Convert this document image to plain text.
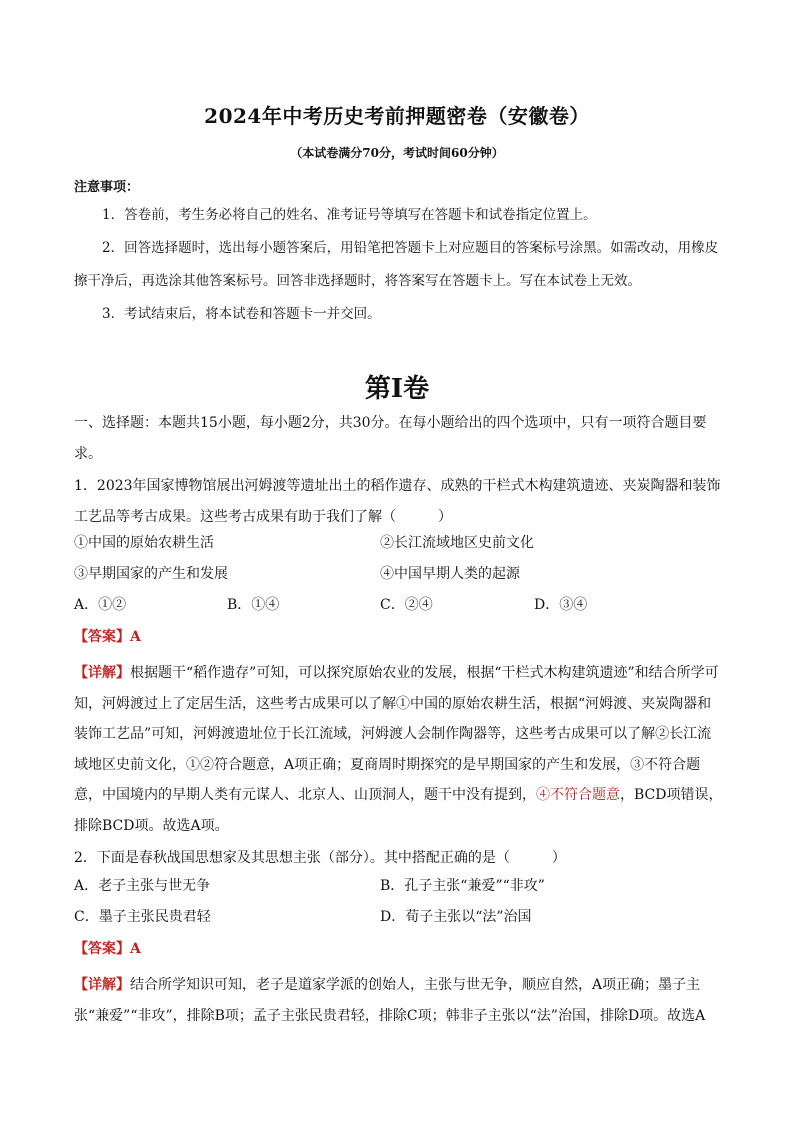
2024年中考历史考前押题密卷（安徽卷）
（本试卷满分70分，考试时间60分钟）
注意事项：

1．答卷前，考生务必将自己的姓名、准考证号等填写在答题卡和试卷指定位置上。

2．回答选择题时，选出每小题答案后，用铅笔把答题卡上对应题目的答案标号涂黑。如需改动，用橡皮擦干净后，再选涂其他答案标号。回答非选择题时，将答案写在答题卡上。写在本试卷上无效。

3．考试结束后，将本试卷和答题卡一并交回。

第Ⅰ卷

一、选择题：本题共15小题，每小题2分，共30分。在每小题给出的四个选项中，只有一项符合题目要求。

1．2023年国家博物馆展出河姆渡等遗址出土的稻作遗存、成熟的干栏式木构建筑遗迹、夹炭陶器和装饰工艺品等考古成果。这些考古成果有助于我们了解（　　　）

①中国的原始农耕生活	②长江流域地区史前文化
③早期国家的产生和发展	④中国早期人类的起源
A．①②	B．①④	C．②④	D．③④
【答案】A

【详解】根据题干“稻作遗存”可知，可以探究原始农业的发展，根据“干栏式木构建筑遗迹”和结合所学可知，河姆渡过上了定居生活，这些考古成果可以了解①中国的原始农耕生活，根据“河姆渡、夹炭陶器和装饰工艺品”可知，河姆渡遗址位于长江流域，河姆渡人会制作陶器等，这些考古成果可以了解②长江流域地区史前文化，①②符合题意，A项正确；夏商周时期探究的是早期国家的产生和发展，③不符合题意，中国境内的早期人类有元谋人、北京人、山顶洞人，题干中没有提到，④不符合题意，BCD项错误，排除BCD项。故选A项。

2．下面是春秋战国思想家及其思想主张（部分）。其中搭配正确的是（　　　）

A．老子主张与世无争	B．孔子主张“兼爱”“非攻”
C．墨子主张民贵君轻	D．荀子主张以“法”治国
【答案】A

【详解】结合所学知识可知，老子是道家学派的创始人，主张与世无争，顺应自然，A项正确；墨子主张“兼爱”“非攻”，排除B项；孟子主张民贵君轻，排除C项；韩非子主张以“法”治国，排除D项。故选A
